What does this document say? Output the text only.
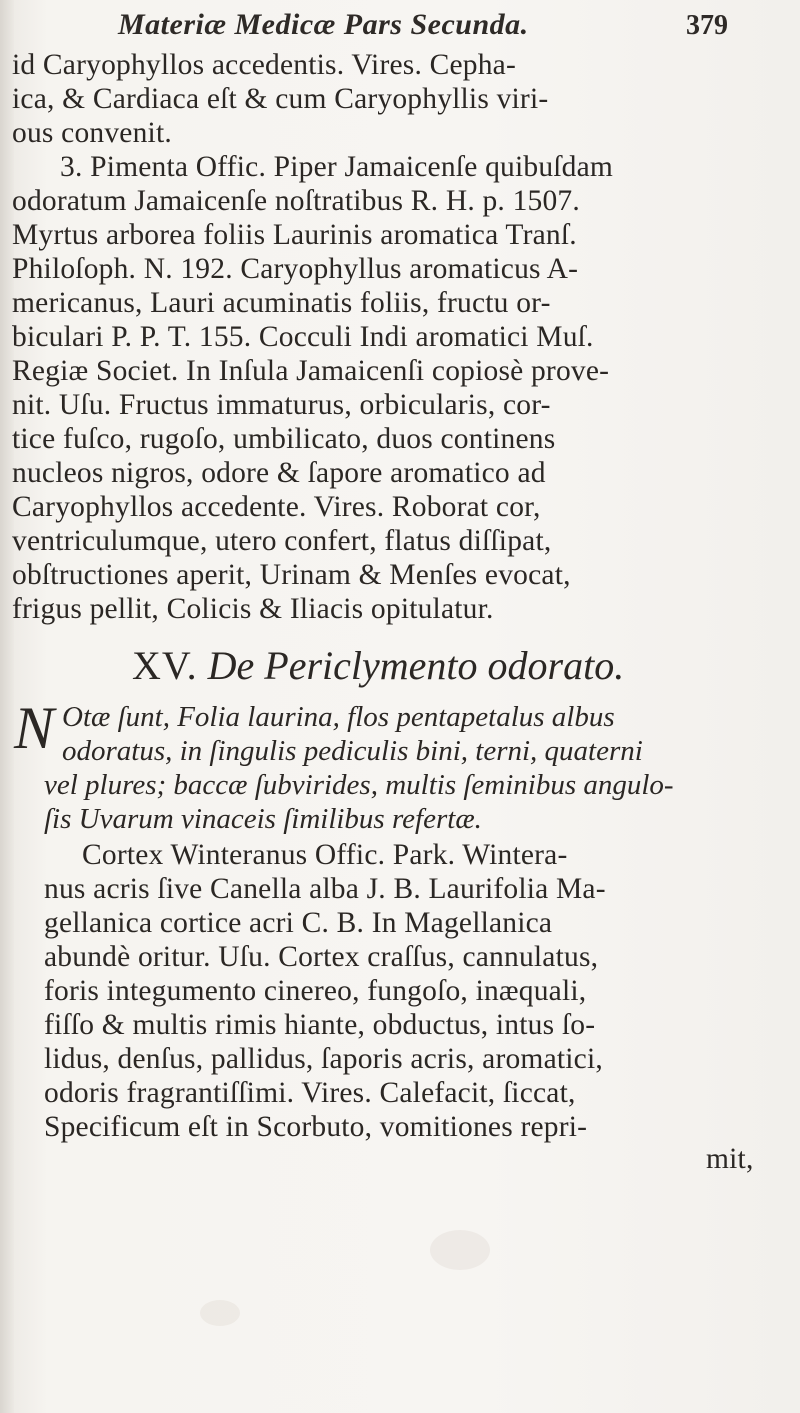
Materiæ Medicæ Pars Secunda.	379
id Caryophyllos accedentis. Vires. Cepha-
ica, & Cardiaca eſt & cum Caryophyllis viri-
ous convenit.
3. Pimenta Offic. Piper Jamaicenſe quibuſdam
odoratum Jamaicenſe noſtratibus R. H. p. 1507.
Myrtus arborea foliis Laurinis aromatica Tranſ.
Philoſoph. N. 192. Caryophyllus aromaticus A-
mericanus, Lauri acuminatis foliis, fructu or-
biculari P. P. T. 155. Cocculi Indi aromatici Muſ.
Regiæ Societ. In Inſula Jamaicenſi copiosè prove-
nit. Uſu. Fructus immaturus, orbicularis, cor-
tice fuſco, rugoſo, umbilicato, duos continens
nucleos nigros, odore & ſapore aromatico ad
Caryophyllos accedente. Vires. Roborat cor,
ventriculumque, utero confert, flatus diſſipat,
obſtructiones aperit, Urinam & Menſes evocat,
frigus pellit, Colicis & Iliacis opitulatur.
XV. De Periclymento odorato.
N Otæ ſunt, Folia laurina, flos pentapetalus albus
odoratus, in ſingulis pediculis bini, terni, quaterni
vel plures; baccæ ſubvirides, multis ſeminibus angulo-
ſis Uvarum vinaceis ſimilibus refertæ.
Cortex Winteranus Offic. Park. Wintera-
nus acris ſive Canella alba J. B. Laurifolia Ma-
gellanica cortice acri C. B. In Magellanica
abundè oritur. Uſu. Cortex craſſus, cannulatus,
foris integumento cinereo, fungoſo, inæquali,
fiſſo & multis rimis hiante, obductus, intus ſo-
lidus, denſus, pallidus, ſaporis acris, aromatici,
odoris fragrantiſſimi. Vires. Calefacit, ſiccat,
Specificum eſt in Scorbuto, vomitiones repri-
mit,
